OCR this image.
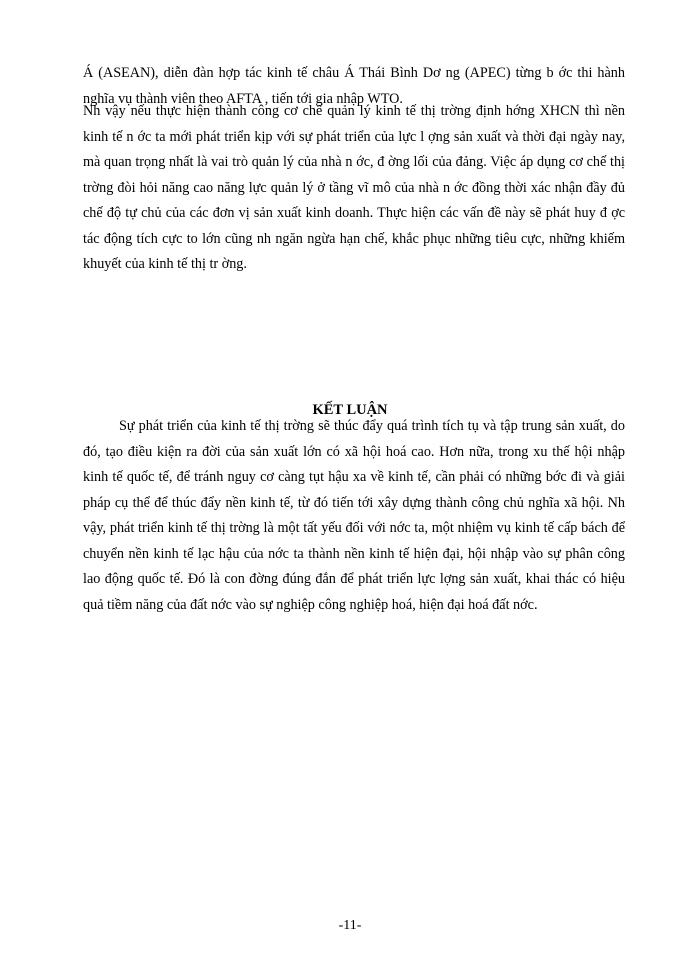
Á (ASEAN), diễn đàn hợp tác kinh tế châu Á Thái Bình Dơ ng (APEC) từng b ớc thi hành nghĩa vụ thành viên theo AFTA , tiến tới gia nhập WTO.

Nh vậy nếu thực hiện thành công cơ chế quản lý kinh tế thị trờng định hớng XHCN thì nền kinh tế n ớc ta mới phát triển kịp với sự phát triển của lực l ợng sản xuất và thời đại ngày nay, mà quan trọng nhất là vai trò quản lý của nhà n ớc, đ ờng lối của đảng. Việc áp dụng cơ chế thị trờng đòi hỏi năng cao năng lực quản lý ở tầng vĩ mô của nhà n ớc đồng thời xác nhận đầy đủ chế độ tự chủ của các đơn vị sản xuất kinh doanh. Thực hiện các vấn đề này sẽ phát huy đ ợc tác động tích cực to lớn cũng nh ngăn ngừa hạn chế, khắc phục những tiêu cực, những khiếm khuyết của kinh tế thị tr ờng.

KẾT LUẬN

Sự phát triển của kinh tế thị trờng sẽ thúc đẩy quá trình tích tụ và tập trung sản xuất, do đó, tạo điều kiện ra đời của sản xuất lớn có xã hội hoá cao. Hơn nữa, trong xu thế hội nhập kinh tế quốc tế, để tránh nguy cơ càng tụt hậu xa về kinh tế, cần phải có những bớc đi và giải pháp cụ thể để thúc đẩy nền kinh tế, từ đó tiến tới xây dựng thành công chủ nghĩa xã hội. Nh vậy, phát triển kinh tế thị trờng là một tất yếu đối với nớc ta, một nhiệm vụ kinh tế cấp bách để chuyển nền kinh tế lạc hậu của nớc ta thành nền kinh tế hiện đại, hội nhập vào sự phân công lao động quốc tế. Đó là con đờng đúng đắn để phát triển lực lợng sản xuất, khai thác có hiệu quả tiềm năng của đất nớc vào sự nghiệp công nghiệp hoá, hiện đại hoá đất nớc.

-11-
